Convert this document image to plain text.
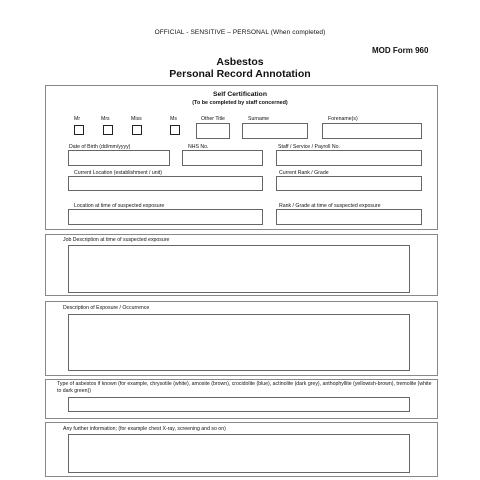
OFFICIAL - SENSITIVE – PERSONAL (When completed)
MOD Form 960
Asbestos
Personal Record Annotation
Self Certification
(To be completed by staff concerned)
Mr	Mrs	Miss	Ms	Other Title	Surname	Forename(s)
Date of Birth (dd/mm/yyyy)	NHS No.	Staff / Service / Payroll No.
Current Location (establishment / unit)	Current Rank / Grade
Location at time of suspected exposure	Rank / Grade at time of suspected exposure
Job Description at time of suspected exposure
Description of Exposure / Occurrence
Type of asbestos if known (for example, chrysotile (white), amosite (brown), crocidolite (blue), actinolite (dark grey), anthophyllite (yellowish-brown), tremolite (white to dark green))
Any further information; (for example chest X-ray, screening and so on)
